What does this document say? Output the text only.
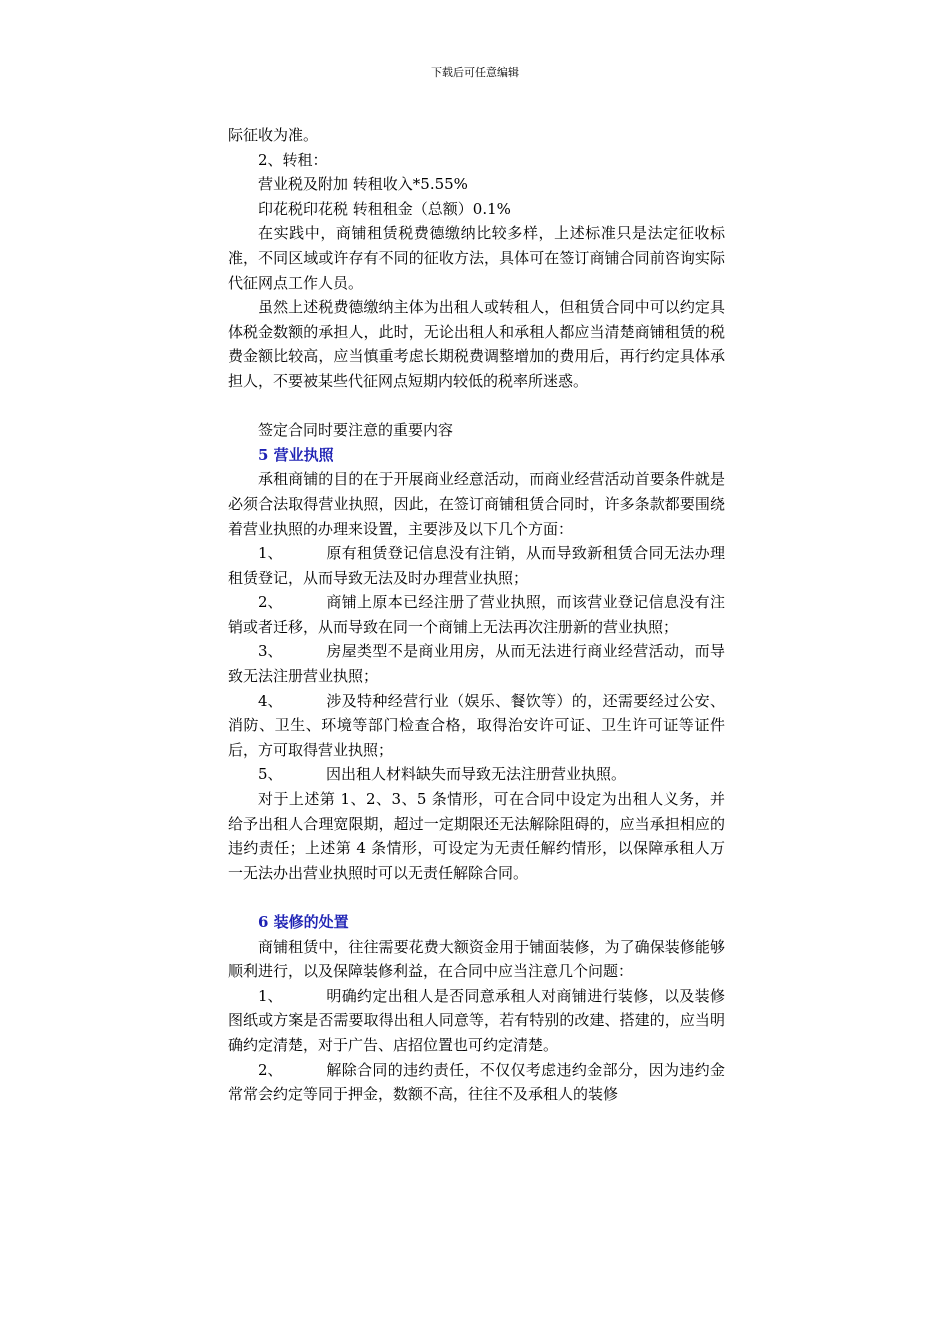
下载后可任意编辑

际征收为准。

2、转租：

营业税及附加 转租收入*5.55%

印花税印花税 转租租金（总额）0.1%

在实践中，商铺租赁税费德缴纳比较多样，上述标准只是法定征收标准，不同区域或许存有不同的征收方法，具体可在签订商铺合同前咨询实际代征网点工作人员。

虽然上述税费德缴纳主体为出租人或转租人，但租赁合同中可以约定具体税金数额的承担人，此时，无论出租人和承租人都应当清楚商铺租赁的税费金额比较高，应当慎重考虑长期税费调整增加的费用后，再行约定具体承担人，不要被某些代征网点短期内较低的税率所迷惑。

签定合同时要注意的重要内容

5 营业执照

承租商铺的目的在于开展商业经意活动，而商业经营活动首要条件就是必须合法取得营业执照，因此，在签订商铺租赁合同时，许多条款都要围绕着营业执照的办理来设置，主要涉及以下几个方面：

1、	原有租赁登记信息没有注销，从而导致新租赁合同无法办理租赁登记，从而导致无法及时办理营业执照；

2、	商铺上原本已经注册了营业执照，而该营业登记信息没有注销或者迁移，从而导致在同一个商铺上无法再次注册新的营业执照；

3、	房屋类型不是商业用房，从而无法进行商业经营活动，而导致无法注册营业执照；

4、	涉及特种经营行业（娱乐、餐饮等）的，还需要经过公安、消防、卫生、环境等部门检查合格，取得治安许可证、卫生许可证等证件后，方可取得营业执照；

5、	因出租人材料缺失而导致无法注册营业执照。

对于上述第 1、2、3、5 条情形，可在合同中设定为出租人义务，并给予出租人合理宽限期，超过一定期限还无法解除阻碍的，应当承担相应的违约责任；上述第 4 条情形，可设定为无责任解约情形，以保障承租人万一无法办出营业执照时可以无责任解除合同。

6 装修的处置

商铺租赁中，往往需要花费大额资金用于铺面装修，为了确保装修能够顺利进行，以及保障装修利益，在合同中应当注意几个问题：

1、	明确约定出租人是否同意承租人对商铺进行装修，以及装修图纸或方案是否需要取得出租人同意等，若有特别的改建、搭建的，应当明确约定清楚，对于广告、店招位置也可约定清楚。

2、	解除合同的违约责任，不仅仅考虑违约金部分，因为违约金常常会约定等同于押金，数额不高，往往不及承租人的装修
